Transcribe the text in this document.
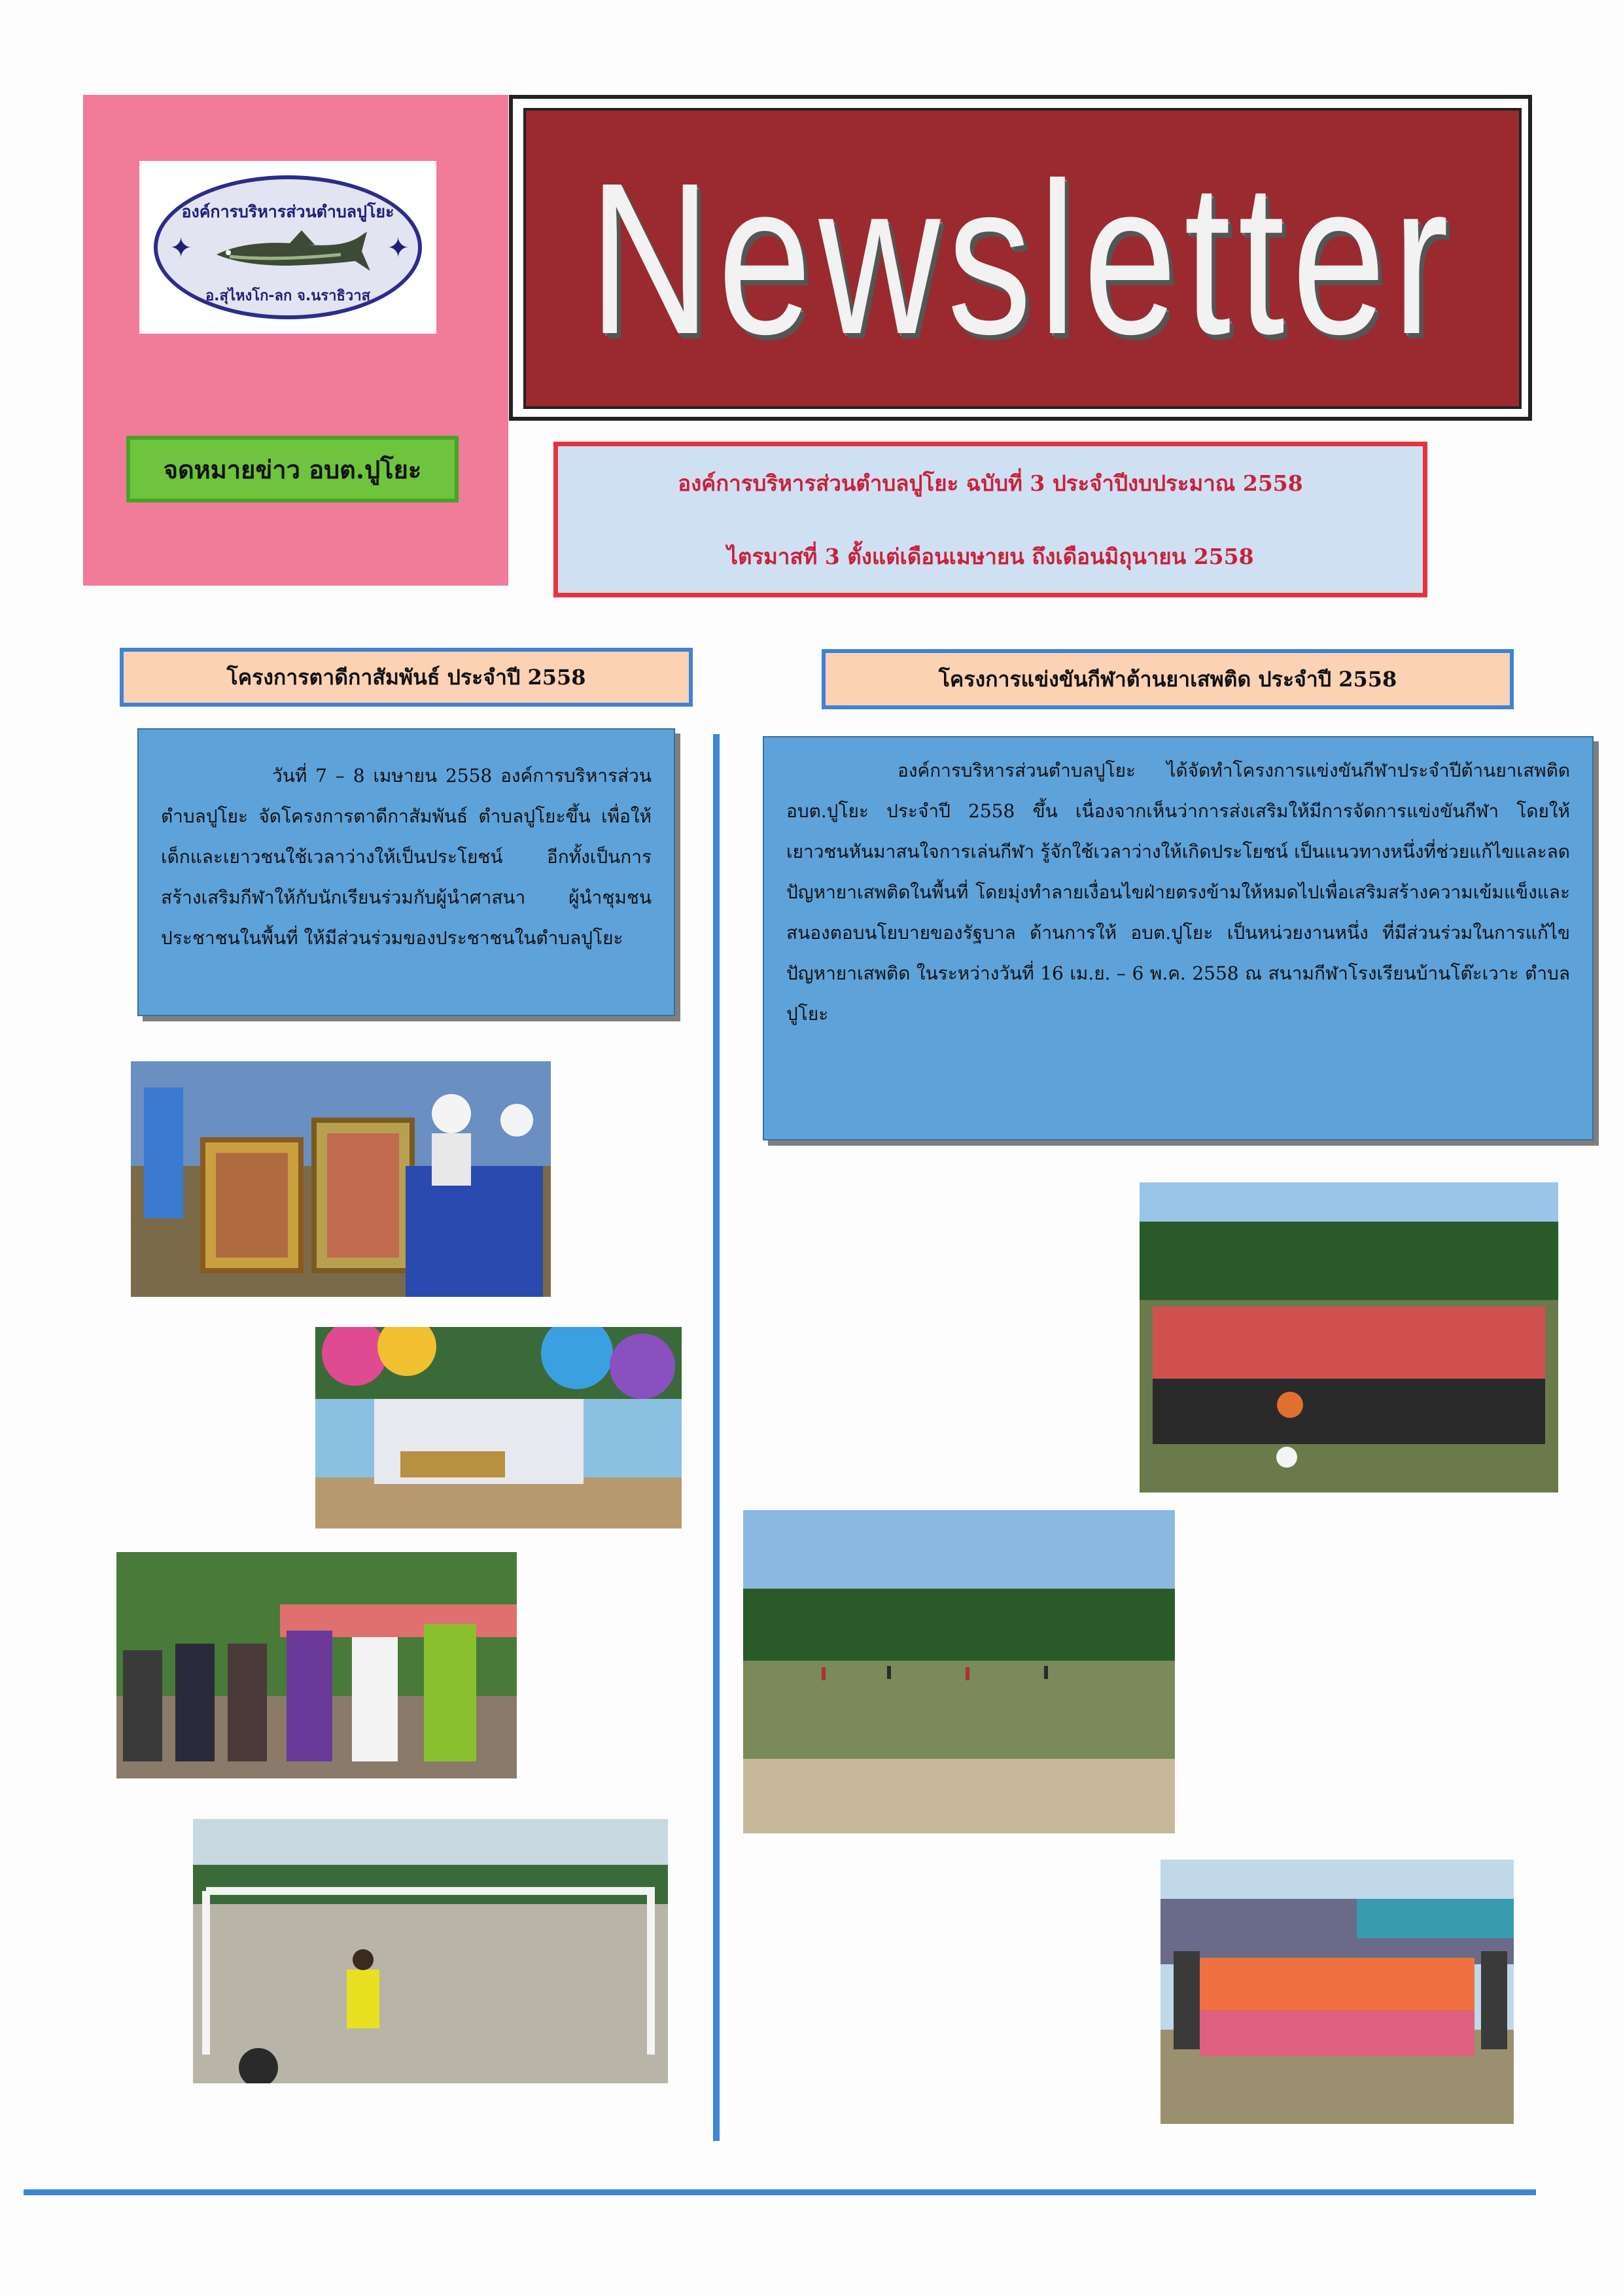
องค์การบริหารส่วนตำบลปูโยะ
✦	✦
อ.สุไหงโก-ลก จ.นราธิวาส
จดหมายข่าว อบต.ปูโยะ
Newsletter
องค์การบริหารส่วนตำบลปูโยะ ฉบับที่ 3 ประจำปีงบประมาณ 2558
ไตรมาสที่ 3 ตั้งแต่เดือนเมษายน ถึงเดือนมิถุนายน 2558
โครงการตาดีกาสัมพันธ์ ประจำปี 2558
วันที่ 7 – 8 เมษายน 2558 องค์การบริหารส่วนตำบลปูโยะ จัดโครงการตาดีกาสัมพันธ์ ตำบลปูโยะขึ้น เพื่อให้เด็กและเยาวชนใช้เวลาว่างให้เป็นประโยชน์ อีกทั้งเป็นการสร้างเสริมกีฬาให้กับนักเรียนร่วมกับผู้นำศาสนา ผู้นำชุมชนประชาชนในพื้นที่ ให้มีส่วนร่วมของประชาชนในตำบลปูโยะ
โครงการแข่งขันกีฬาต้านยาเสพติด ประจำปี 2558
องค์การบริหารส่วนตำบลปูโยะ ได้จัดทำโครงการแข่งขันกีฬาประจำปีต้านยาเสพติด อบต.ปูโยะ ประจำปี 2558 ขึ้น เนื่องจากเห็นว่าการส่งเสริมให้มีการจัดการแข่งขันกีฬา โดยให้เยาวชนหันมาสนใจการเล่นกีฬา รู้จักใช้เวลาว่างให้เกิดประโยชน์ เป็นแนวทางหนึ่งที่ช่วยแก้ไขและลดปัญหายาเสพติดในพื้นที่ โดยมุ่งทำลายเงื่อนไขฝ่ายตรงข้ามให้หมดไปเพื่อเสริมสร้างความเข้มแข็งและสนองตอบนโยบายของรัฐบาล ด้านการให้ อบต.ปูโยะ เป็นหน่วยงานหนึ่ง ที่มีส่วนร่วมในการแก้ไขปัญหายาเสพติด ในระหว่างวันที่ 16 เม.ย. – 6 พ.ค. 2558 ณ สนามกีฬาโรงเรียนบ้านโต๊ะเวาะ ตำบลปูโยะ
